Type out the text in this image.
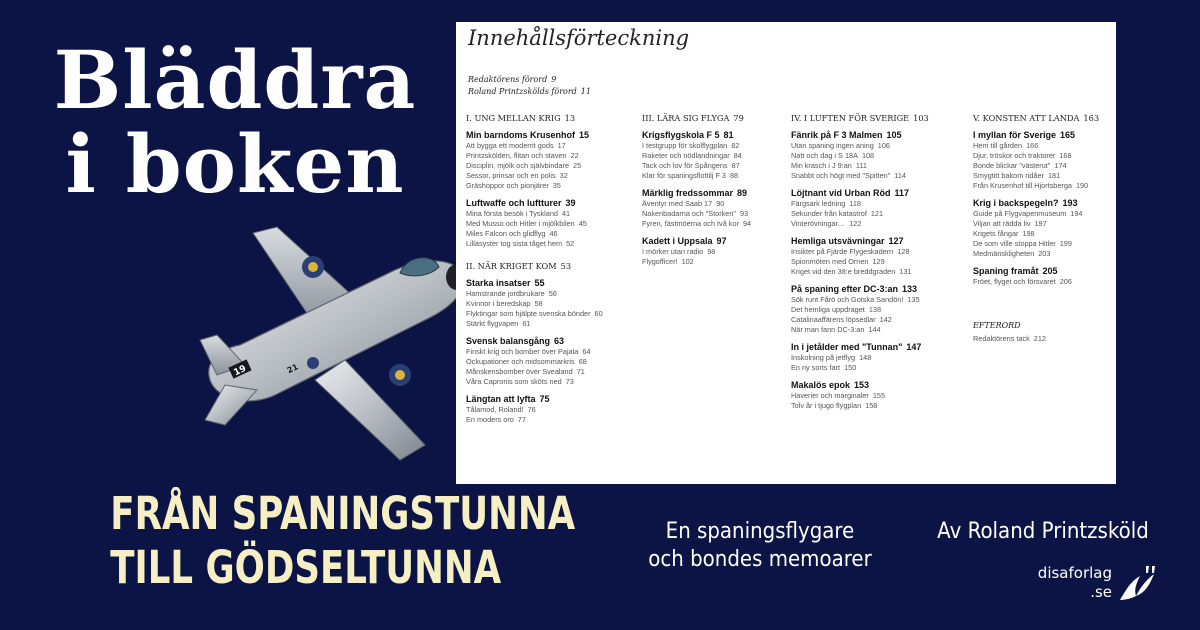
Bläddra
i boken
19	21
Innehållsförteckning
Redaktörens förord 9
Roland Printzskölds förord 11
I. UNG MELLAN KRIG 13
Min barndoms Krusenhof 15
Att bygga ett modernt gods 17
Printzskölden, flitan och staven 22
Disciplin, mjölk och självbindare 25
Sessor, prinsar och en polis 32
Gräshoppor och pionjärer 35
Luftwaffe och luftturer 39
Mina första besök i Tyskland 41
Med Musso och Hitler i mjölkbilen 45
Miles Falcon och glidflyg 46
Lillasyster tog sista tåget hem 52
II. NÄR KRIGET KOM 53
Starka insatser 55
Hamstrande jordbrukare 56
Kvinnor i beredskap 58
Flyktingar som hjälpte svenska bönder 60
Stärkt flygvapen 61
Svensk balansgång 63
Finskt krig och bomber över Pajala 64
Ockupationer och midsommarkris 68
Månskensbomber över Svealand 71
Våra Capronis som sköts ned 73
Längtan att lyfta 75
Tålamod, Roland! 76
En moders oro 77
III. LÄRA SIG FLYGA 79
Krigsflygskola F 5 81
I testgrupp för skolflygplan 82
Raketer och nödlandningar 84
Tack och lov för Spångens 87
Klar för spaningsflottilj F 3 88
Märklig fredssommar 89
Äventyr med Saab 17 90
Nakenbadarna och "Storken" 93
Fyren, fästmöerna och två kor 94
Kadett i Uppsala 97
I mörker utan radio 98
Flygofficer! 102
IV. I LUFTEN FÖR SVERIGE 103
Fänrik på F 3 Malmen 105
Utan spaning ingen aning 106
Natt och dag i S 18A 108
Min krasch i J 9:an 111
Snabbt och högt med "Spitten" 114
Löjtnant vid Urban Röd 117
Färgsark ledning 118
Sekunder från katastrof 121
Vinterövningar… 122
Hemliga utsvävningar 127
Insikter på Fjärde Flygeskadern 128
Spionmöten med Ornen 129
Kriget vid den 38:e breddgraden 131
På spaning efter DC-3:an 133
Sök runt Fårö och Gotska Sandön! 135
Det hemliga uppdraget 138
Catalinaaffärens löpsedlar 142
När man fann DC-3:an 144
In i jetålder med "Tunnan" 147
Inskolning på jetflyg 148
En ny sorts fart 150
Makalös epok 153
Haverier och marginaler 155
Tolv år i tjugo flygplan 158
V. KONSTEN ATT LANDA 163
I myllan för Sverige 165
Hem till gården 166
Djur, tröskor och traktorer 168
Bonde blickar "västerut" 174
Smygtitt bakom ridåer 181
Från Krusenhof till Hjortsberga 190
Krig i backspegeln? 193
Guide på Flygvapenmuseum 194
Viljan att rädda liv 197
Krigets fångar 198
De som ville stoppa Hitler 199
Medmänskligheten 203
Spaning framåt 205
Fröet, flyget och försvaret 206
EFTERORD
Redaktörens tack 212
FRÅN SPANINGSTUNNA
TILL GÖDSELTUNNA
En spaningsflygare
och bondes memoarer
Av Roland Printzsköld
disaforlag
.se
